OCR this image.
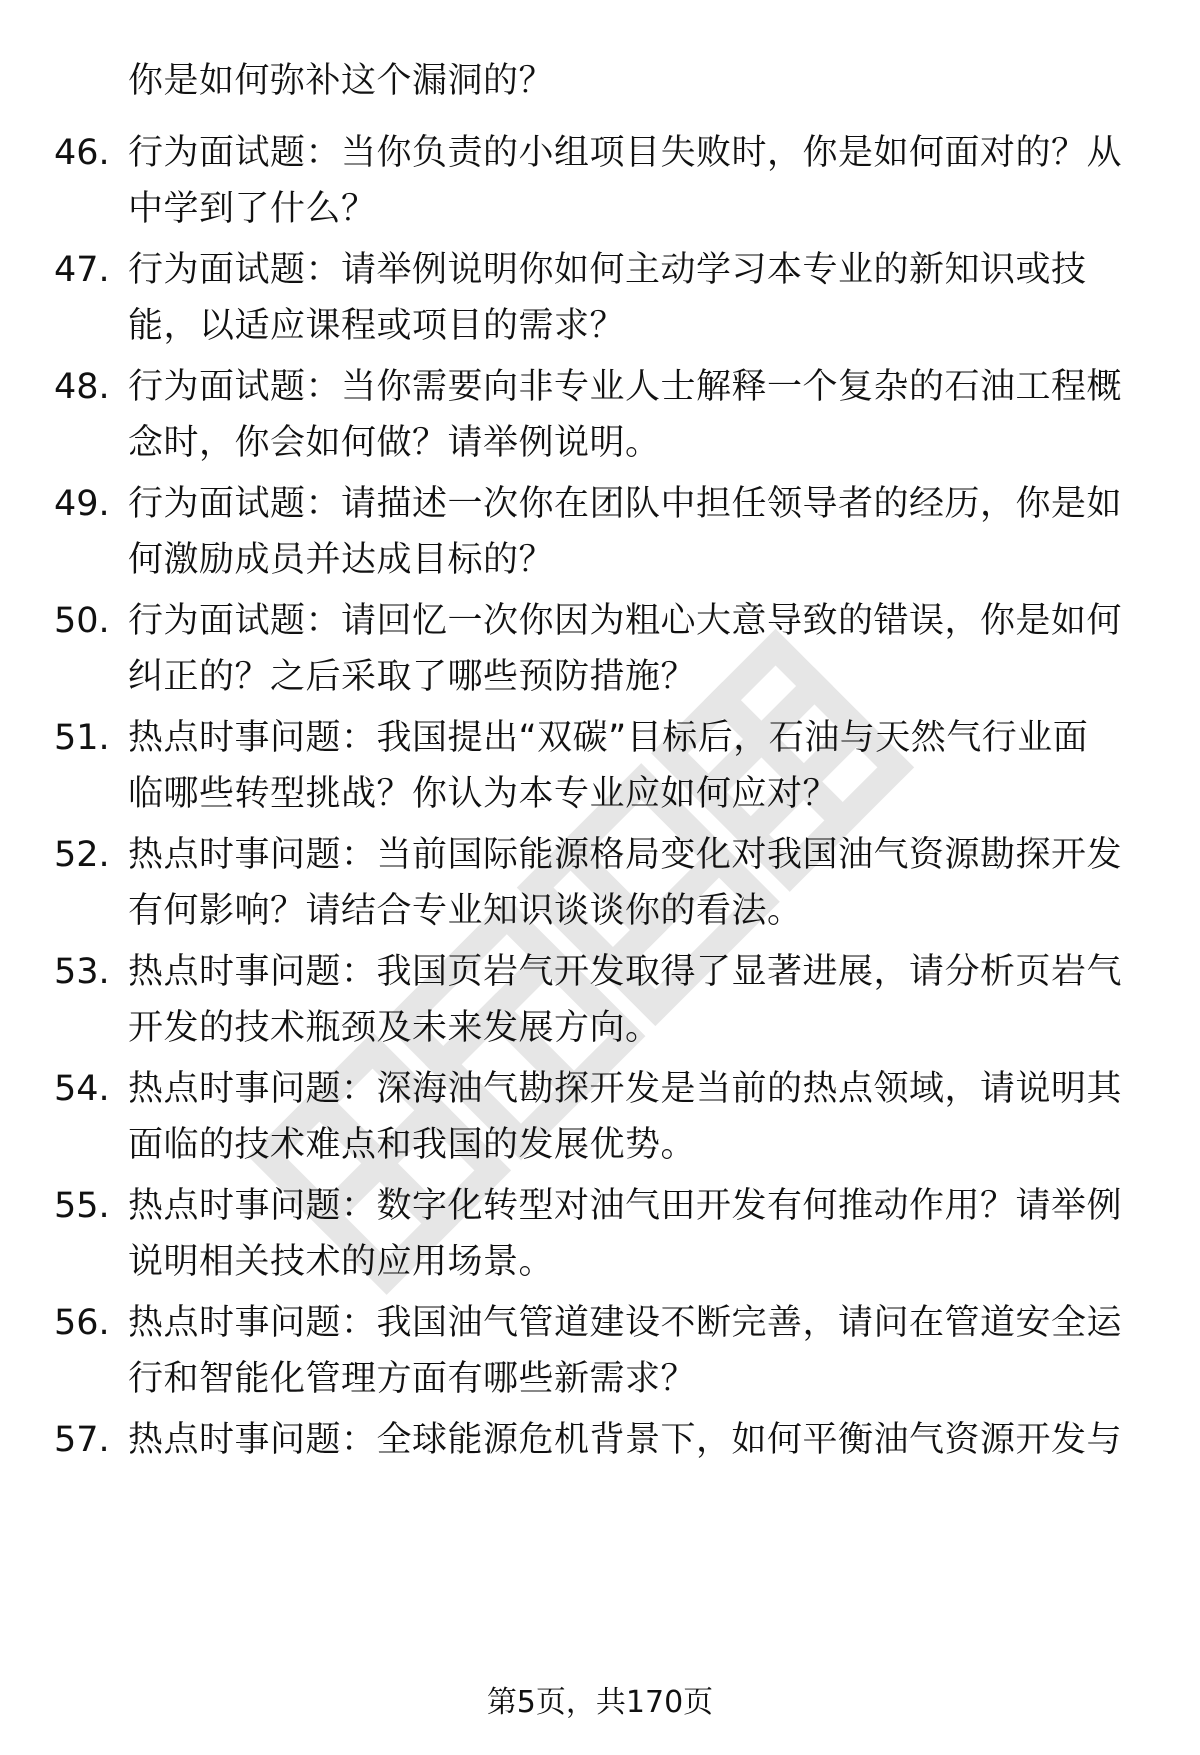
你是如何弥补这个漏洞的？
46. 行为面试题：当你负责的小组项目失败时，你是如何面对的？从
中学到了什么？
47. 行为面试题：请举例说明你如何主动学习本专业的新知识或技
能，以适应课程或项目的需求？
48. 行为面试题：当你需要向非专业人士解释一个复杂的石油工程概
念时，你会如何做？请举例说明。
49. 行为面试题：请描述一次你在团队中担任领导者的经历，你是如
何激励成员并达成目标的？
50. 行为面试题：请回忆一次你因为粗心大意导致的错误，你是如何
纠正的？之后采取了哪些预防措施？
51. 热点时事问题：我国提出“双碳”目标后，石油与天然气行业面
临哪些转型挑战？你认为本专业应如何应对？
52. 热点时事问题：当前国际能源格局变化对我国油气资源勘探开发
有何影响？请结合专业知识谈谈你的看法。
53. 热点时事问题：我国页岩气开发取得了显著进展，请分析页岩气
开发的技术瓶颈及未来发展方向。
54. 热点时事问题：深海油气勘探开发是当前的热点领域，请说明其
面临的技术难点和我国的发展优势。
55. 热点时事问题：数字化转型对油气田开发有何推动作用？请举例
说明相关技术的应用场景。
56. 热点时事问题：我国油气管道建设不断完善，请问在管道安全运
行和智能化管理方面有哪些新需求？
57. 热点时事问题：全球能源危机背景下，如何平衡油气资源开发与
第5页，共170页
